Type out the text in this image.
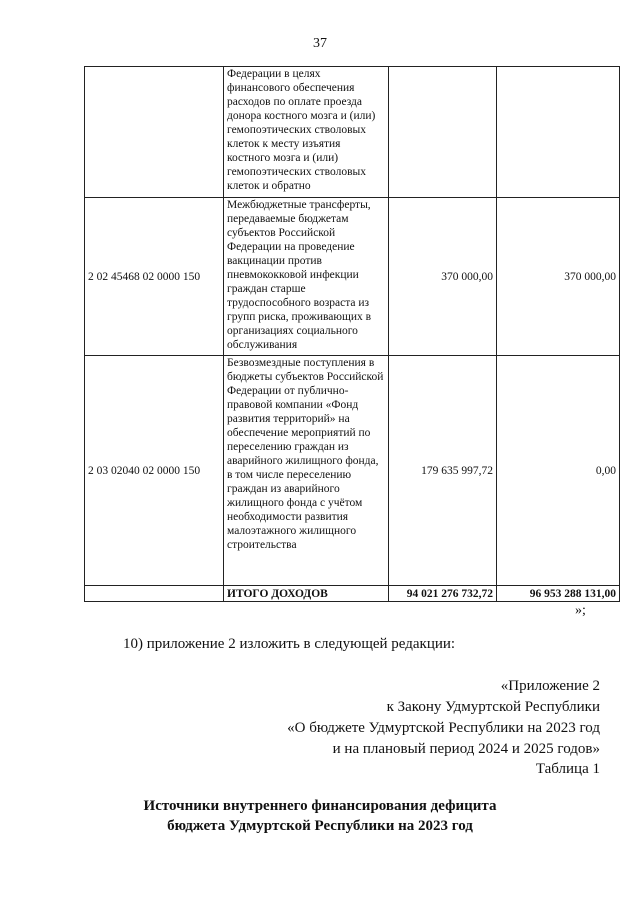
37
	Федерации в целях финансового обеспечения расходов по оплате проезда донора костного мозга и (или) гемопоэтических стволовых клеток к месту изъятия костного мозга и (или) гемопоэтических стволовых клеток и обратно		
2 02 45468 02 0000 150	Межбюджетные трансферты, передаваемые бюджетам субъектов Российской Федерации на проведение вакцинации против пневмококковой инфекции граждан старше трудоспособного возраста из групп риска, проживающих в организациях социального обслуживания	370 000,00	370 000,00
2 03 02040 02 0000 150	Безвозмездные поступления в бюджеты субъектов Российской Федерации от публично-правовой компании «Фонд развития территорий» на обеспечение мероприятий по переселению граждан из аварийного жилищного фонда, в том числе переселению граждан из аварийного жилищного фонда с учётом необходимости развития малоэтажного жилищного строительства	179 635 997,72	0,00
	ИТОГО ДОХОДОВ	94 021 276 732,72	96 953 288 131,00
»;
10) приложение 2 изложить в следующей редакции:
«Приложение 2
к Закону Удмуртской Республики
«О бюджете Удмуртской Республики на 2023 год
и на плановый период 2024 и 2025 годов»
Таблица 1
Источники внутреннего финансирования дефицита
бюджета Удмуртской Республики на 2023 год
